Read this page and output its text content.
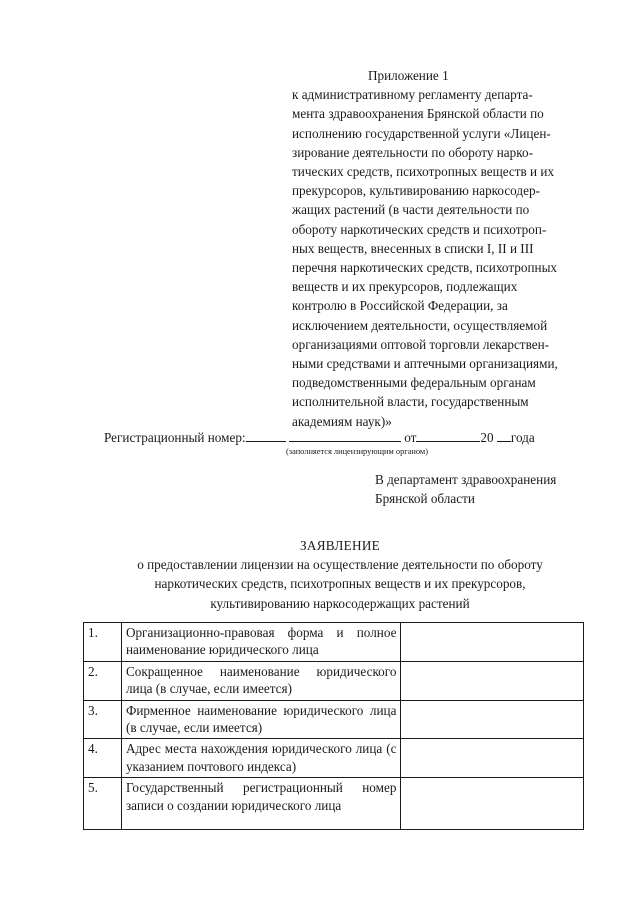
Приложение 1
к административному регламенту департа-
мента здравоохранения Брянской области по
исполнению государственной услуги «Лицен-
зирование деятельности по обороту нарко-
тических средств, психотропных веществ и их
прекурсоров, культивированию наркосодер-
жащих растений (в части деятельности по
обороту наркотических средств и психотроп-
ных веществ, внесенных в списки I, II и III
перечня наркотических средств, психотропных
веществ и их прекурсоров, подлежащих
контролю в Российской Федерации, за
исключением деятельности, осуществляемой
организациями оптовой торговли лекарствен-
ными средствами и аптечными организациями,
подведомственными федеральным органам
исполнительной власти, государственным
академиям наук)»
Регистрационный номер:	от	20 года
(заполняется лицензирующим органом)
В департамент здравоохранения
Брянской области
ЗАЯВЛЕНИЕ
о предоставлении лицензии на осуществление деятельности по обороту
наркотических средств, психотропных веществ и их прекурсоров,
культивированию наркосодержащих растений
1.	Организационно-правовая форма и полное наименование юридического лица	
2.	Сокращенное наименование юридического лица (в случае, если имеется)	
3.	Фирменное наименование юридического лица (в случае, если имеется)	
4.	Адрес места нахождения юридического лица (с указанием почтового индекса)	
5.	Государственный регистрационный номер записи о создании юридического лица	
